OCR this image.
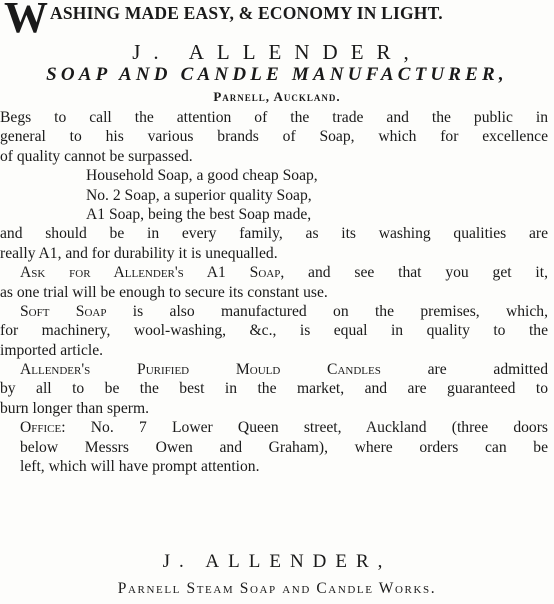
W ASHING MADE EASY, & ECONOMY IN LIGHT.
J. ALLENDER,
SOAP AND CANDLE MANUFACTURER,
Parnell, Auckland.
Begs to call the attention of the trade and the public in
general to his various brands of Soap, which for excellence
of quality cannot be surpassed.
Household Soap, a good cheap Soap,
No. 2 Soap, a superior quality Soap,
A1 Soap, being the best Soap made,
and should be in every family, as its washing qualities are
really A1, and for durability it is unequalled.
Ask for Allender's A1 Soap, and see that you get it,
as one trial will be enough to secure its constant use.
Soft Soap is also manufactured on the premises, which,
for machinery, wool-washing, &c., is equal in quality to the
imported article.
Allender's Purified Mould Candles are admitted
by all to be the best in the market, and are guaranteed to
burn longer than sperm.
Office: No. 7 Lower Queen street, Auckland (three doors
below Messrs Owen and Graham), where orders can be
left, which will have prompt attention.
J. ALLENDER,
Parnell Steam Soap and Candle Works.
